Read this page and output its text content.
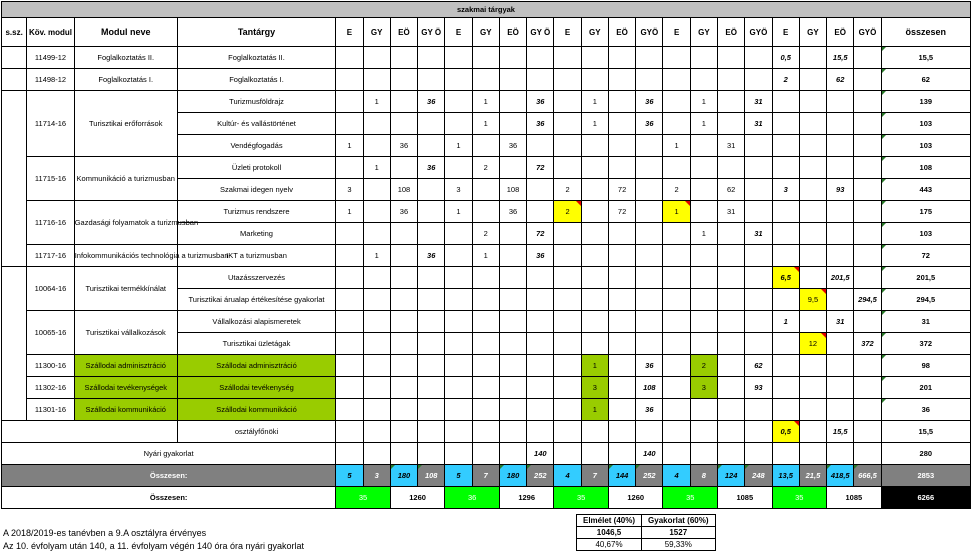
szakmai tárgyak																								
s.sz.	Köv. modul	Modul neve	Tantárgy	E	GY	EÖ	GY Ö	E	GY	EÖ	GY Ö	E	GY	EÖ	GYÖ	E	GY	EÖ	GYÖ	E	GY	EÖ	GYÖ	összesen
	11499-12	Foglalkoztatás II.	Foglalkoztatás II.																	0,5		15,5		15,5
	11498-12	Foglalkoztatás I.	Foglalkoztatás I.																	2		62		62
	11714-16	Turisztikai erőforrások	Turizmusföldrajz		1		36		1		36		1		36		1		31					139
			Kultúr- és vallástörténet						1		36		1		36		1		31					103
			Vendégfogadás	1		36		1		36						1		31						103
	11715-16	Kommunikáció a turizmusban	Üzleti protokoll		1		36		2		72													108
			Szakmai idegen nyelv	3		108		3		108		2		72		2		62		3		93		443
	11716-16	Gazdasági folyamatok a turizmusban	Turizmus rendszere	1		36		1		36		2		72		1		31						175
			Marketing						2		72						1		31					103
	11717-16	Infokommunikációs technológia a turizmusban	IKT a turizmusban		1		36		1		36													72
	10064-16	Turisztikai termékkínálat	Utazásszervezés																	6,5		201,5		201,5
			Turisztikai árualap értékesítése gyakorlat																		9,5		294,5	294,5
	10065-16	Turisztikai vállalkozások	Vállalkozási alapismeretek																	1		31		31
			Turisztikai üzletágak																		12		372	372
	11300-16	Szállodai adminisztráció	Szállodai adminisztráció										1		36		2		62					98
	11302-16	Szállodai tevékenységek	Szállodai tevékenység										3		108		3		93					201
	11301-16	Szállodai kommunikáció	Szállodai kommunikáció										1		36									36
			osztályfőnöki																	0,5		15,5		15,5
Nyári gyakorlat											140				140									280
Összesen:				5	3	180	108	5	7	180	252	4	7	144	252	4	8	124	248	13,5	21,5	418,5	666,5	2853
Összesen:				35		1260		36		1296		35		1260		35		1085		35		1085		6266
A 2018/2019-es tanévben a 9.A osztályra érvényes
Az 10. évfolyam után 140, a 11. évfolyam végén 140 óra óra nyári gyakorlat
Elmélet (40%)	Gyakorlat (60%)
1046,5	1527
40,67%	59,33%
